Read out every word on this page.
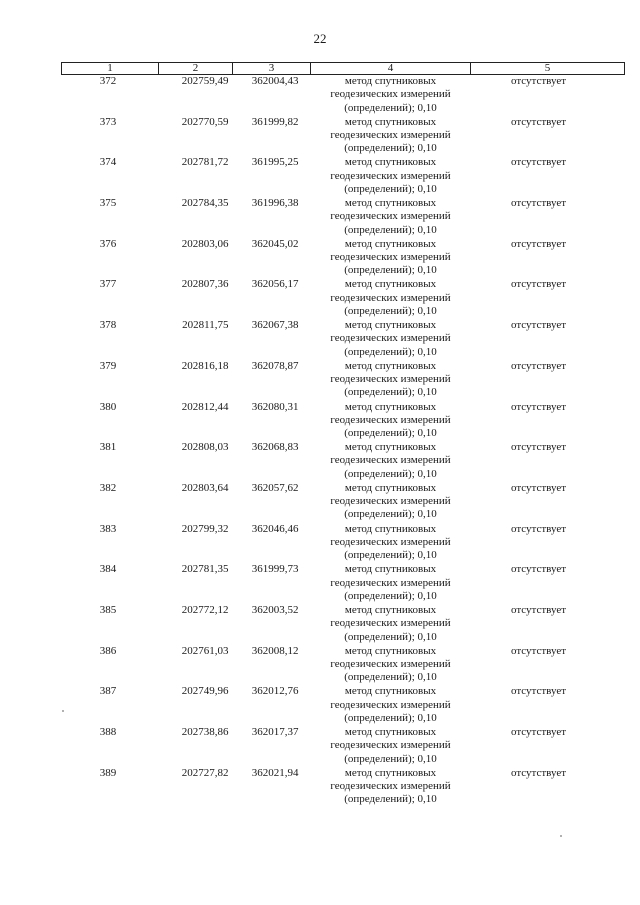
22
1	2	3	4	5
372	202759,49	362004,43	метод спутниковых
геодезических измерений
(определений); 0,10	отсутствует
373	202770,59	361999,82	метод спутниковых
геодезических измерений
(определений); 0,10	отсутствует
374	202781,72	361995,25	метод спутниковых
геодезических измерений
(определений); 0,10	отсутствует
375	202784,35	361996,38	метод спутниковых
геодезических измерений
(определений); 0,10	отсутствует
376	202803,06	362045,02	метод спутниковых
геодезических измерений
(определений); 0,10	отсутствует
377	202807,36	362056,17	метод спутниковых
геодезических измерений
(определений); 0,10	отсутствует
378	202811,75	362067,38	метод спутниковых
геодезических измерений
(определений); 0,10	отсутствует
379	202816,18	362078,87	метод спутниковых
геодезических измерений
(определений); 0,10	отсутствует
380	202812,44	362080,31	метод спутниковых
геодезических измерений
(определений); 0,10	отсутствует
381	202808,03	362068,83	метод спутниковых
геодезических измерений
(определений); 0,10	отсутствует
382	202803,64	362057,62	метод спутниковых
геодезических измерений
(определений); 0,10	отсутствует
383	202799,32	362046,46	метод спутниковых
геодезических измерений
(определений); 0,10	отсутствует
384	202781,35	361999,73	метод спутниковых
геодезических измерений
(определений); 0,10	отсутствует
385	202772,12	362003,52	метод спутниковых
геодезических измерений
(определений); 0,10	отсутствует
386	202761,03	362008,12	метод спутниковых
геодезических измерений
(определений); 0,10	отсутствует
387	202749,96	362012,76	метод спутниковых
геодезических измерений
(определений); 0,10	отсутствует
388	202738,86	362017,37	метод спутниковых
геодезических измерений
(определений); 0,10	отсутствует
389	202727,82	362021,94	метод спутниковых
геодезических измерений
(определений); 0,10	отсутствует
